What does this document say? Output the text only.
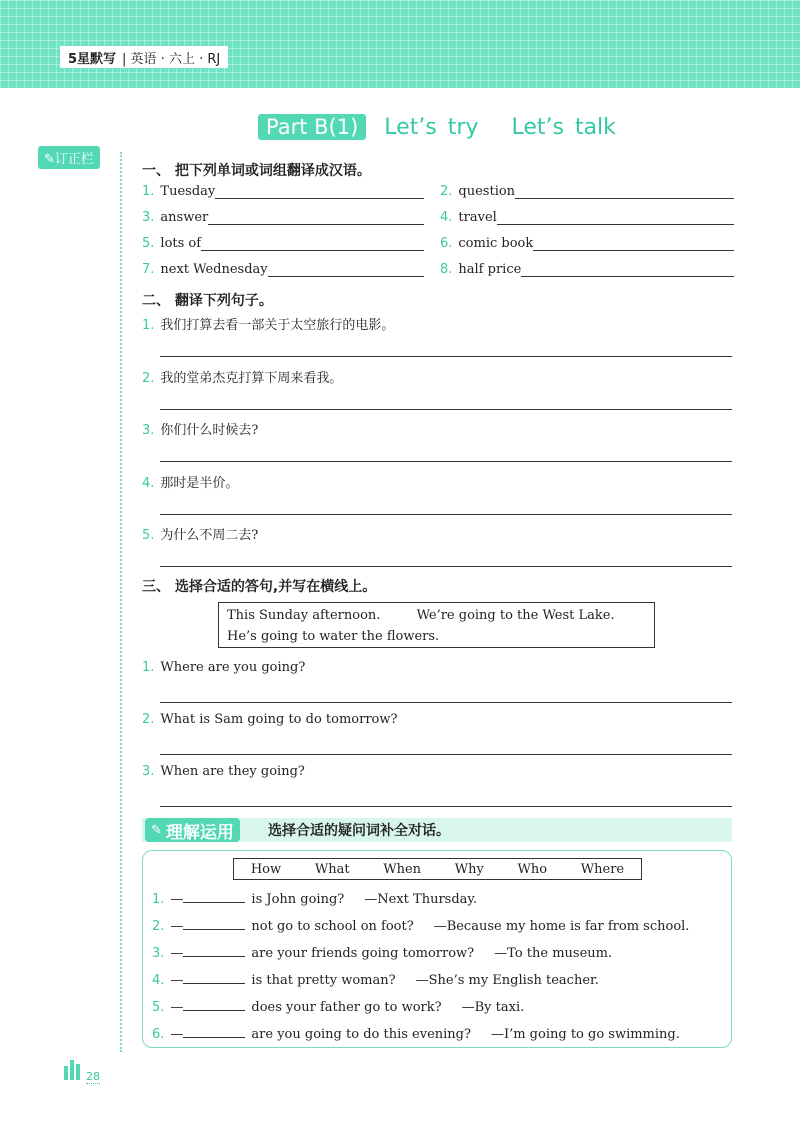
5星默写 | 英语 · 六上 · RJ
Part B(1)	Let’s try Let’s talk
✎订正栏
一、 把下列单词或词组翻译成汉语。
1. Tuesday	2. question
3. answer	4. travel
5. lots of	6. comic book
7. next Wednesday	8. half price
二、 翻译下列句子。
1. 我们打算去看一部关于太空旅行的电影。
2. 我的堂弟杰克打算下周来看我。
3. 你们什么时候去?
4. 那时是半价。
5. 为什么不周二去?
三、 选择合适的答句,并写在横线上。
This Sunday afternoon.	We’re going to the West Lake.
He’s going to water the flowers.
1. Where are you going?
2. What is Sam going to do tomorrow?
3. When are they going?
✎ 理解运用 选择合适的疑问词补全对话。
How	What	When	Why	Who	Where
1. —	is John going? —Next Thursday.
2. —	not go to school on foot? —Because my home is far from school.
3. —	are your friends going tomorrow? —To the museum.
4. —	is that pretty woman? —She’s my English teacher.
5. —	does your father go to work? —By taxi.
6. —	are you going to do this evening? —I’m going to go swimming.
28
